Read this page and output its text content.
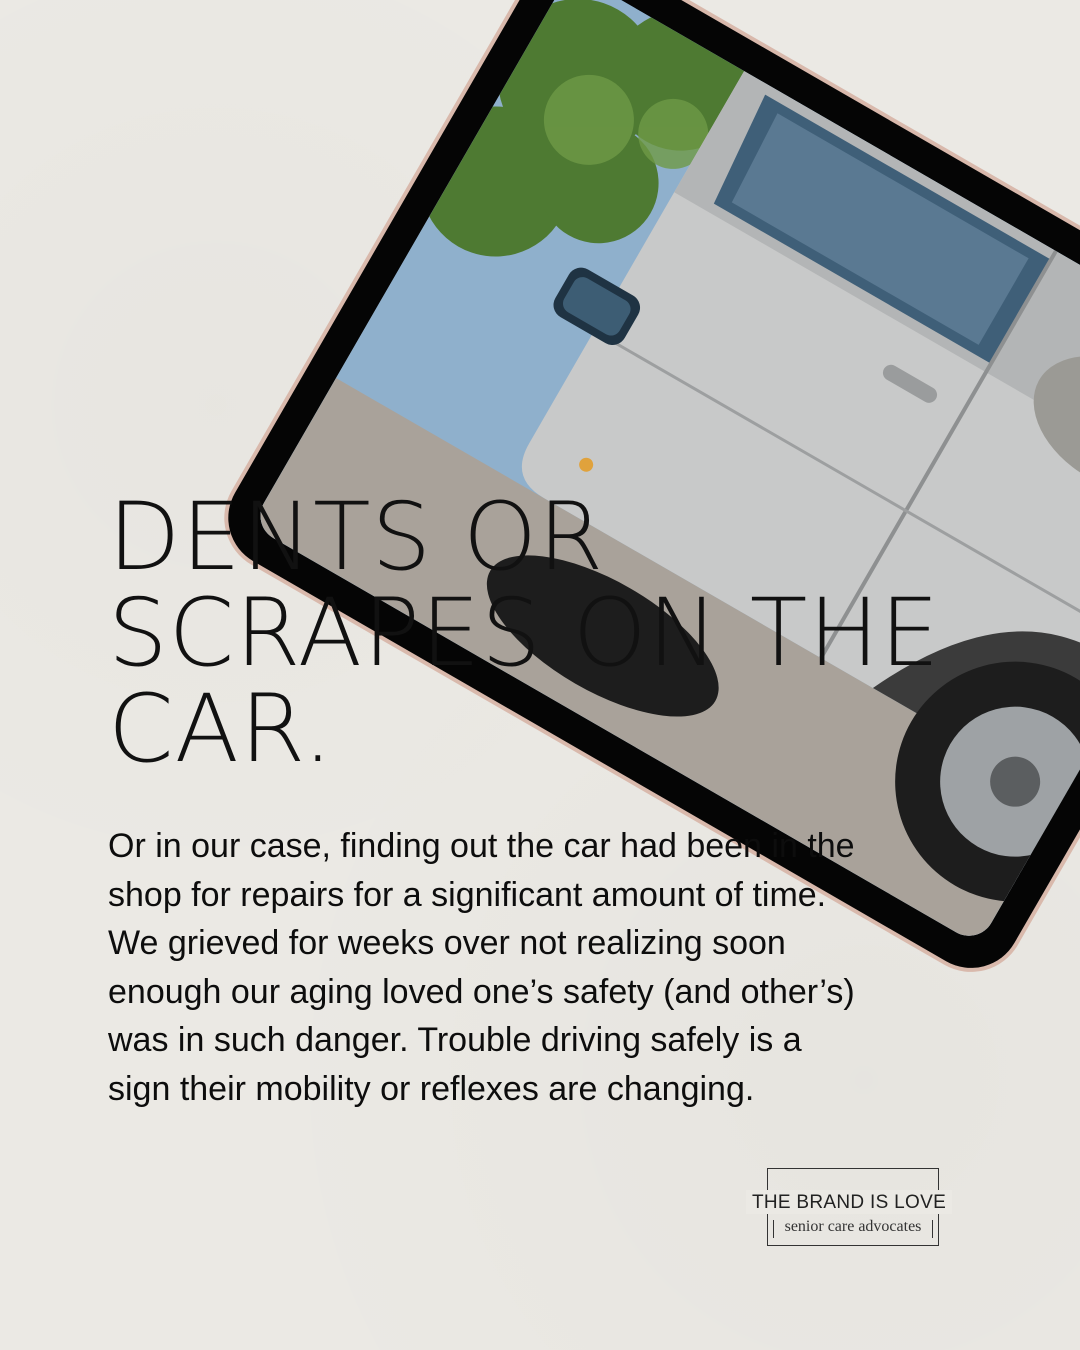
DENTS OR
SCRAPES ON THE
CAR.

Or in our case, finding out the car had been in the shop for repairs for a significant amount of time. We grieved for weeks over not realizing soon enough our aging loved one’s safety (and other’s) was in such danger. Trouble driving safely is a sign their mobility or reflexes are changing.

THE BRAND IS LOVE
senior care advocates
